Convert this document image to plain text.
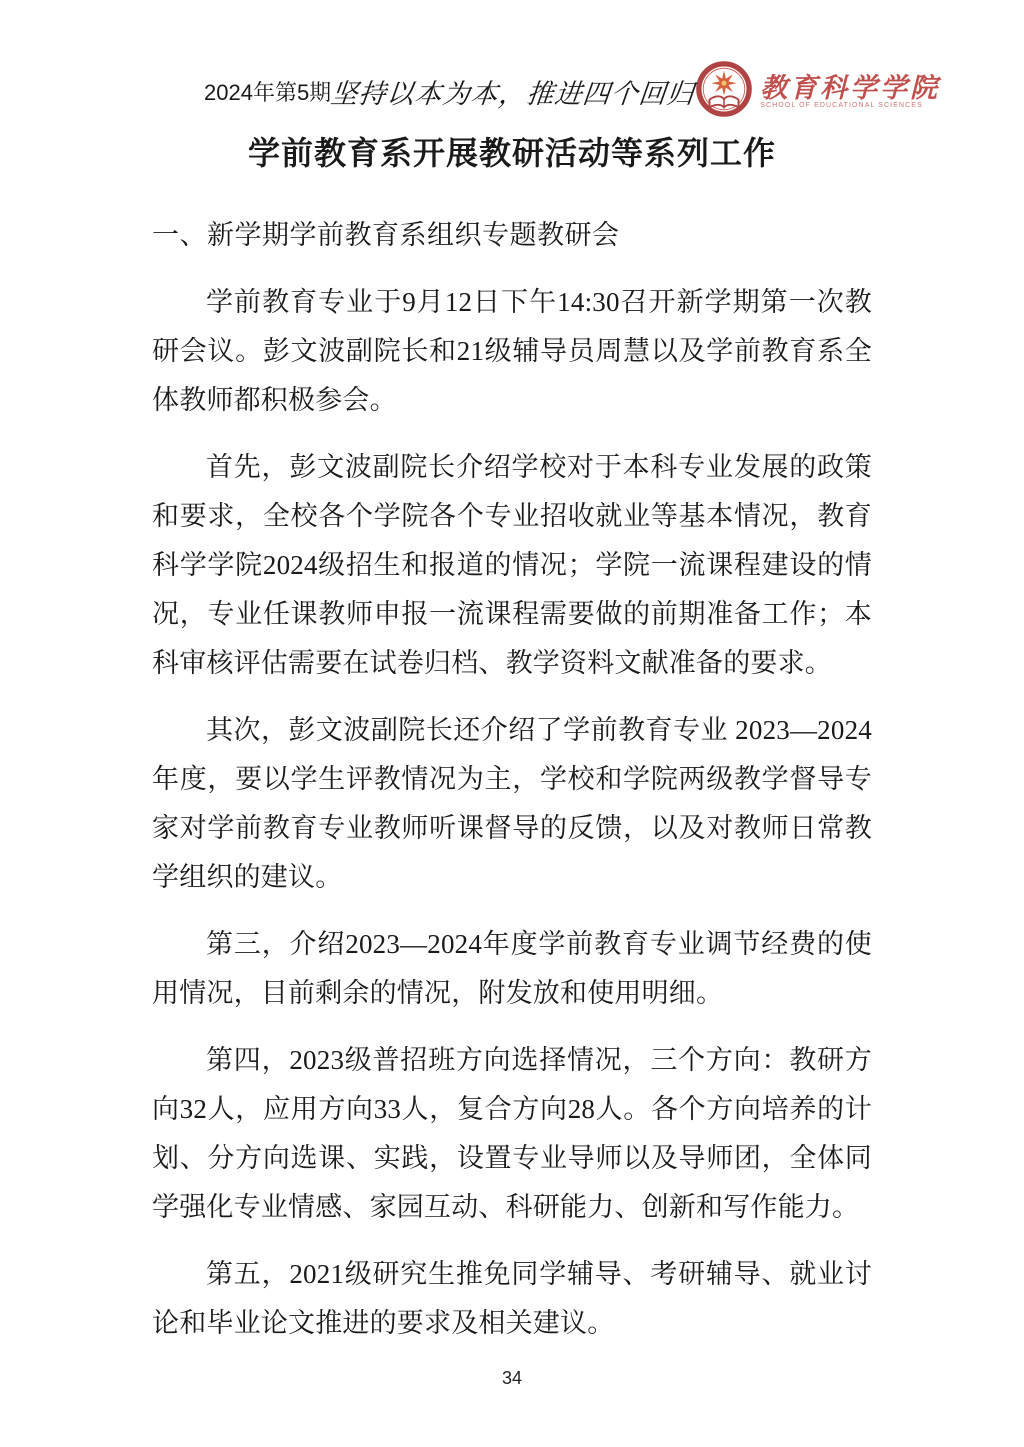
2024年第5期
坚持以本为本，推进四个回归 教育科学学院
SCHOOL OF EDUCATIONAL SCIENCES
学前教育系开展教研活动等系列工作
一、新学期学前教育系组织专题教研会

学前教育专业于9月12日下午14:30召开新学期第一次教研会议。彭文波副院长和21级辅导员周慧以及学前教育系全体教师都积极参会。

首先，彭文波副院长介绍学校对于本科专业发展的政策和要求，全校各个学院各个专业招收就业等基本情况，教育科学学院2024级招生和报道的情况；学院一流课程建设的情况，专业任课教师申报一流课程需要做的前期准备工作；本科审核评估需要在试卷归档、教学资料文献准备的要求。

其次，彭文波副院长还介绍了学前教育专业 2023—2024 年度，要以学生评教情况为主，学校和学院两级教学督导专家对学前教育专业教师听课督导的反馈，以及对教师日常教学组织的建议。

第三，介绍2023—2024年度学前教育专业调节经费的使用情况，目前剩余的情况，附发放和使用明细。

第四，2023级普招班方向选择情况，三个方向：教研方向32人，应用方向33人，复合方向28人。各个方向培养的计划、分方向选课、实践，设置专业导师以及导师团，全体同学强化专业情感、家园互动、科研能力、创新和写作能力。

第五，2021级研究生推免同学辅导、考研辅导、就业讨论和毕业论文推进的要求及相关建议。

34
